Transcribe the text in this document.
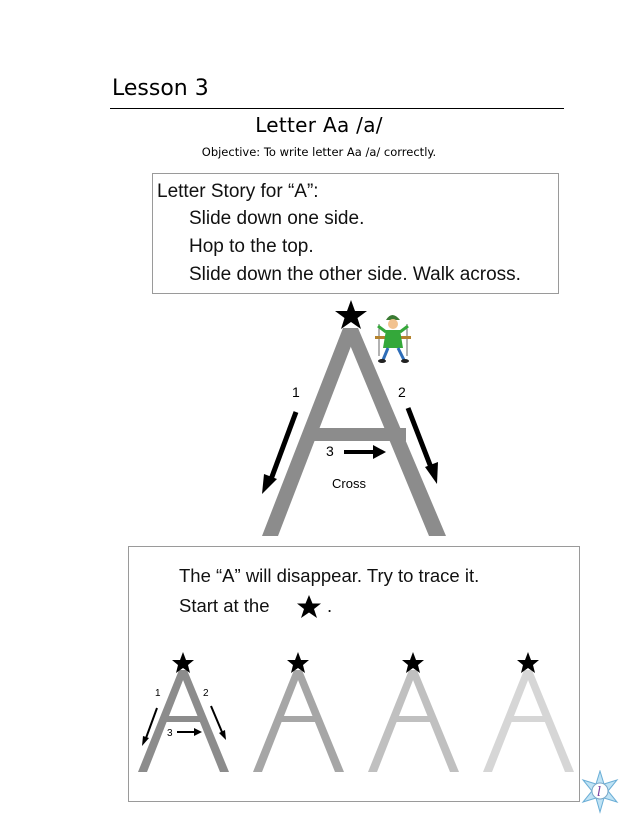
Lesson 3
Letter Aa /a/
Objective: To write letter Aa /a/ correctly.
Letter Story for “A”:
Slide down one side.
Hop to the top.
Slide down the other side. Walk across.
1	2
3
Cross
The “A” will disappear. Try to trace it.
Start at the	.
1	2
3
l
